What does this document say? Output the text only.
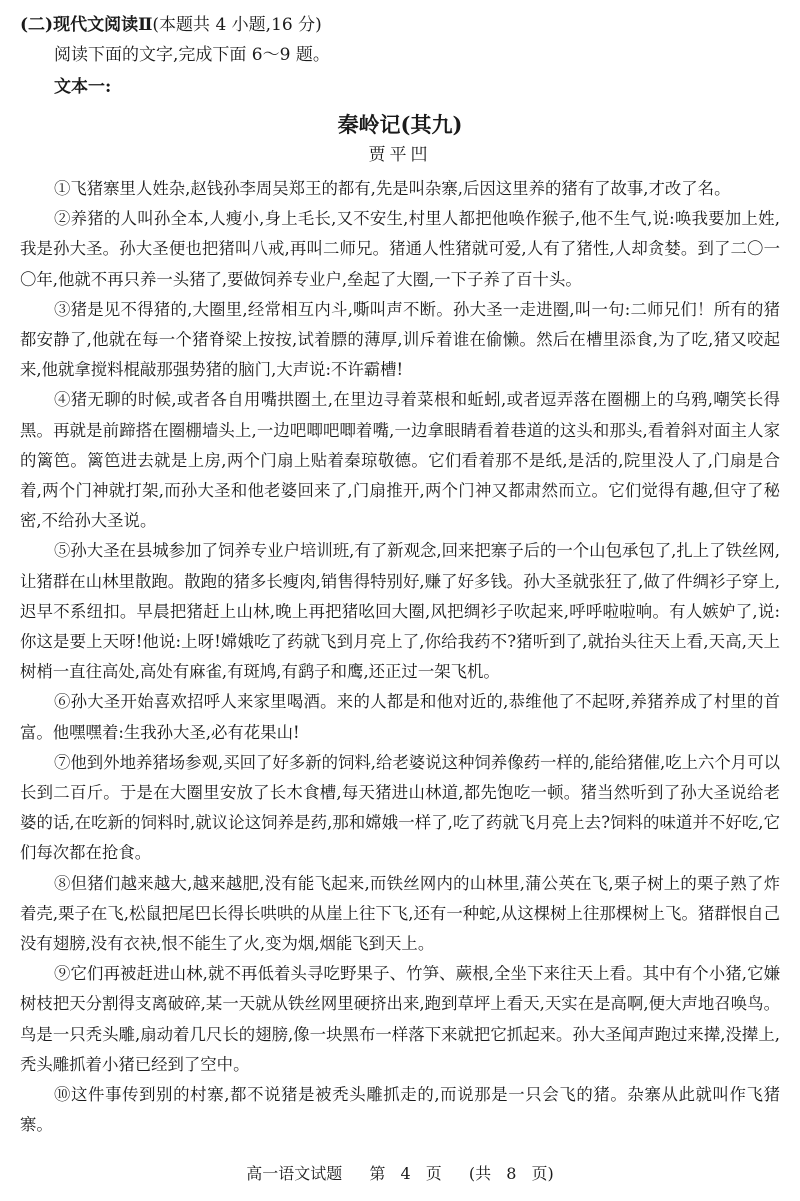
(二)现代文阅读Ⅱ(本题共 4 小题,16 分)

阅读下面的文字,完成下面 6～9 题。

文本一:

秦岭记(其九)
贾平凹

①飞猪寨里人姓杂,赵钱孙李周吴郑王的都有,先是叫杂寨,后因这里养的猪有了故事,才改了名。

②养猪的人叫孙全本,人瘦小,身上毛长,又不安生,村里人都把他唤作猴子,他不生气,说:唤我要加上姓,我是孙大圣。孙大圣便也把猪叫八戒,再叫二师兄。猪通人性猪就可爱,人有了猪性,人却贪婪。到了二〇一〇年,他就不再只养一头猪了,要做饲养专业户,垒起了大圈,一下子养了百十头。

③猪是见不得猪的,大圈里,经常相互内斗,嘶叫声不断。孙大圣一走进圈,叫一句:二师兄们！所有的猪都安静了,他就在每一个猪脊梁上按按,试着膘的薄厚,训斥着谁在偷懒。然后在槽里添食,为了吃,猪又咬起来,他就拿搅料棍敲那强势猪的脑门,大声说:不许霸槽!

④猪无聊的时候,或者各自用嘴拱圈土,在里边寻着菜根和蚯蚓,或者逗弄落在圈棚上的乌鸦,嘲笑长得黑。再就是前蹄搭在圈棚墙头上,一边吧唧吧唧着嘴,一边拿眼睛看着巷道的这头和那头,看着斜对面主人家的篱笆。篱笆进去就是上房,两个门扇上贴着秦琼敬德。它们看着那不是纸,是活的,院里没人了,门扇是合着,两个门神就打架,而孙大圣和他老婆回来了,门扇推开,两个门神又都肃然而立。它们觉得有趣,但守了秘密,不给孙大圣说。

⑤孙大圣在县城参加了饲养专业户培训班,有了新观念,回来把寨子后的一个山包承包了,扎上了铁丝网,让猪群在山林里散跑。散跑的猪多长瘦肉,销售得特别好,赚了好多钱。孙大圣就张狂了,做了件绸衫子穿上,迟早不系纽扣。早晨把猪赶上山林,晚上再把猪吆回大圈,风把绸衫子吹起来,呼呼啦啦响。有人嫉妒了,说:你这是要上天呀!他说:上呀!嫦娥吃了药就飞到月亮上了,你给我药不?猪听到了,就抬头往天上看,天高,天上树梢一直往高处,高处有麻雀,有斑鸠,有鹞子和鹰,还正过一架飞机。

⑥孙大圣开始喜欢招呼人来家里喝酒。来的人都是和他对近的,恭维他了不起呀,养猪养成了村里的首富。他嘿嘿着:生我孙大圣,必有花果山!

⑦他到外地养猪场参观,买回了好多新的饲料,给老婆说这种饲养像药一样的,能给猪催,吃上六个月可以长到二百斤。于是在大圈里安放了长木食槽,每天猪进山林道,都先饱吃一顿。猪当然听到了孙大圣说给老婆的话,在吃新的饲料时,就议论这饲养是药,那和嫦娥一样了,吃了药就飞月亮上去?饲料的味道并不好吃,它们每次都在抢食。

⑧但猪们越来越大,越来越肥,没有能飞起来,而铁丝网内的山林里,蒲公英在飞,栗子树上的栗子熟了炸着壳,栗子在飞,松鼠把尾巴长得长哄哄的从崖上往下飞,还有一种蛇,从这棵树上往那棵树上飞。猪群恨自己没有翅膀,没有衣袂,恨不能生了火,变为烟,烟能飞到天上。

⑨它们再被赶进山林,就不再低着头寻吃野果子、竹笋、蕨根,全坐下来往天上看。其中有个小猪,它嫌树枝把天分割得支离破碎,某一天就从铁丝网里硬挤出来,跑到草坪上看天,天实在是高啊,便大声地召唤鸟。鸟是一只秃头雕,扇动着几尺长的翅膀,像一块黑布一样落下来就把它抓起来。孙大圣闻声跑过来撵,没撵上,秃头雕抓着小猪已经到了空中。

⑩这件事传到别的村寨,都不说猪是被秃头雕抓走的,而说那是一只会飞的猪。杂寨从此就叫作飞猪寨。

高一语文试题 第 4 页 (共 8 页)
